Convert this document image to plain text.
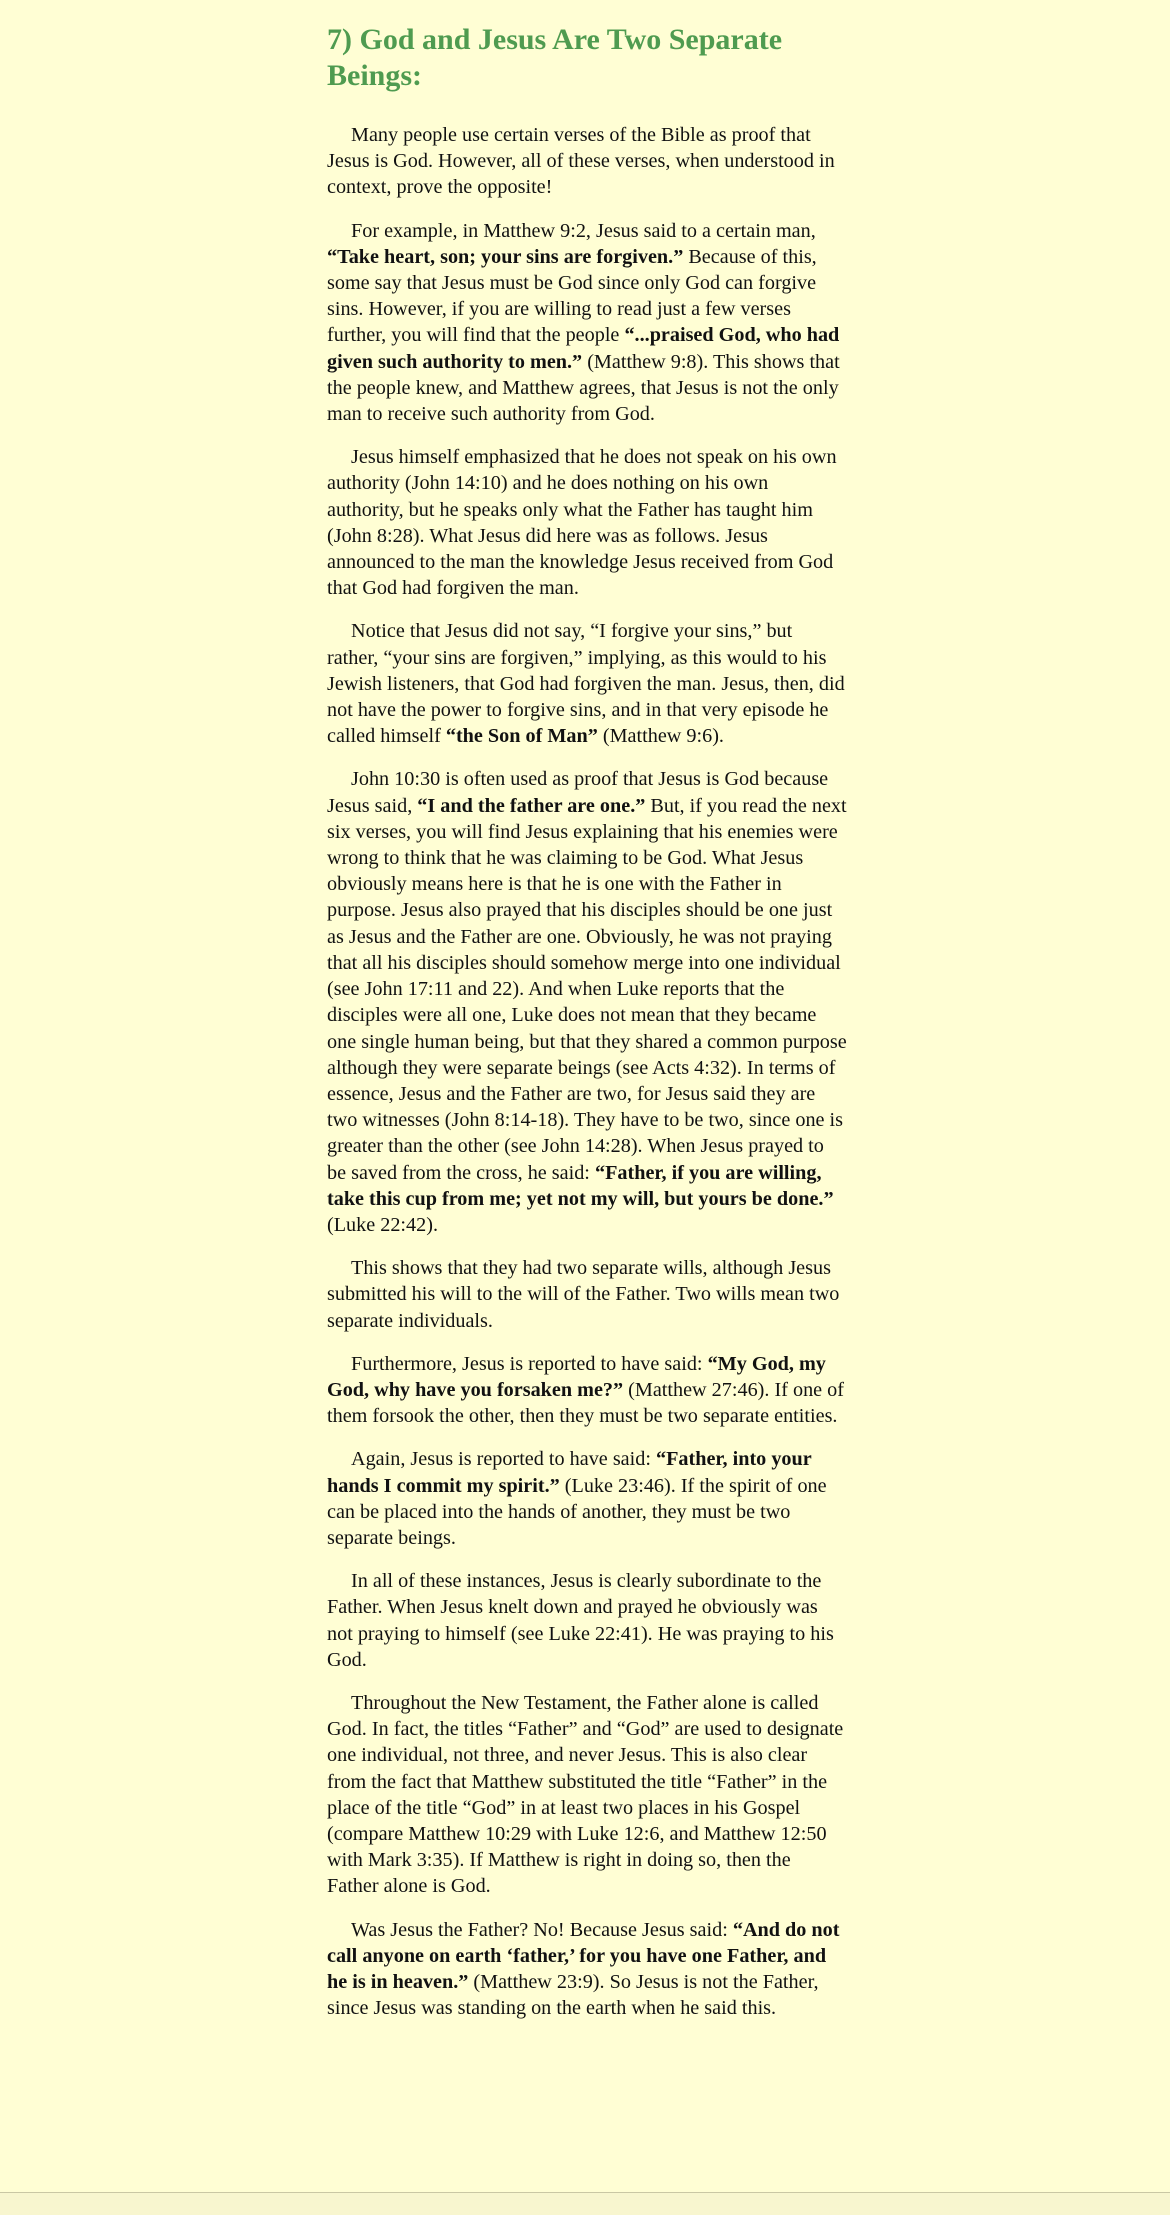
7) God and Jesus Are Two Separate Beings:

Many people use certain verses of the Bible as proof that Jesus is God. However, all of these verses, when understood in context, prove the opposite!

For example, in Matthew 9:2, Jesus said to a certain man, “Take heart, son; your sins are forgiven.” Because of this, some say that Jesus must be God since only God can forgive sins. However, if you are willing to read just a few verses further, you will find that the people “...praised God, who had given such authority to men.” (Matthew 9:8). This shows that the people knew, and Matthew agrees, that Jesus is not the only man to receive such authority from God.

Jesus himself emphasized that he does not speak on his own authority (John 14:10) and he does nothing on his own authority, but he speaks only what the Father has taught him (John 8:28). What Jesus did here was as follows. Jesus announced to the man the knowledge Jesus received from God that God had forgiven the man.

Notice that Jesus did not say, “I forgive your sins,” but rather, “your sins are forgiven,” implying, as this would to his Jewish listeners, that God had forgiven the man. Jesus, then, did not have the power to forgive sins, and in that very episode he called himself “the Son of Man” (Matthew 9:6).

John 10:30 is often used as proof that Jesus is God because Jesus said, “I and the father are one.” But, if you read the next six verses, you will find Jesus explaining that his enemies were wrong to think that he was claiming to be God. What Jesus obviously means here is that he is one with the Father in purpose. Jesus also prayed that his disciples should be one just as Jesus and the Father are one. Obviously, he was not praying that all his disciples should somehow merge into one individual (see John 17:11 and 22). And when Luke reports that the disciples were all one, Luke does not mean that they became one single human being, but that they shared a common purpose although they were separate beings (see Acts 4:32). In terms of essence, Jesus and the Father are two, for Jesus said they are two witnesses (John 8:14-18). They have to be two, since one is greater than the other (see John 14:28). When Jesus prayed to be saved from the cross, he said: “Father, if you are willing, take this cup from me; yet not my will, but yours be done.” (Luke 22:42).

This shows that they had two separate wills, although Jesus submitted his will to the will of the Father. Two wills mean two separate individuals.

Furthermore, Jesus is reported to have said: “My God, my God, why have you forsaken me?” (Matthew 27:46). If one of them forsook the other, then they must be two separate entities.

Again, Jesus is reported to have said: “Father, into your hands I commit my spirit.” (Luke 23:46). If the spirit of one can be placed into the hands of another, they must be two separate beings.

In all of these instances, Jesus is clearly subordinate to the Father. When Jesus knelt down and prayed he obviously was not praying to himself (see Luke 22:41). He was praying to his God.

Throughout the New Testament, the Father alone is called God. In fact, the titles “Father” and “God” are used to designate one individual, not three, and never Jesus. This is also clear from the fact that Matthew substituted the title “Father” in the place of the title “God” in at least two places in his Gospel (compare Matthew 10:29 with Luke 12:6, and Matthew 12:50 with Mark 3:35). If Matthew is right in doing so, then the Father alone is God.

Was Jesus the Father? No! Because Jesus said: “And do not call anyone on earth ‘father,’ for you have one Father, and he is in heaven.” (Matthew 23:9). So Jesus is not the Father, since Jesus was standing on the earth when he said this.
